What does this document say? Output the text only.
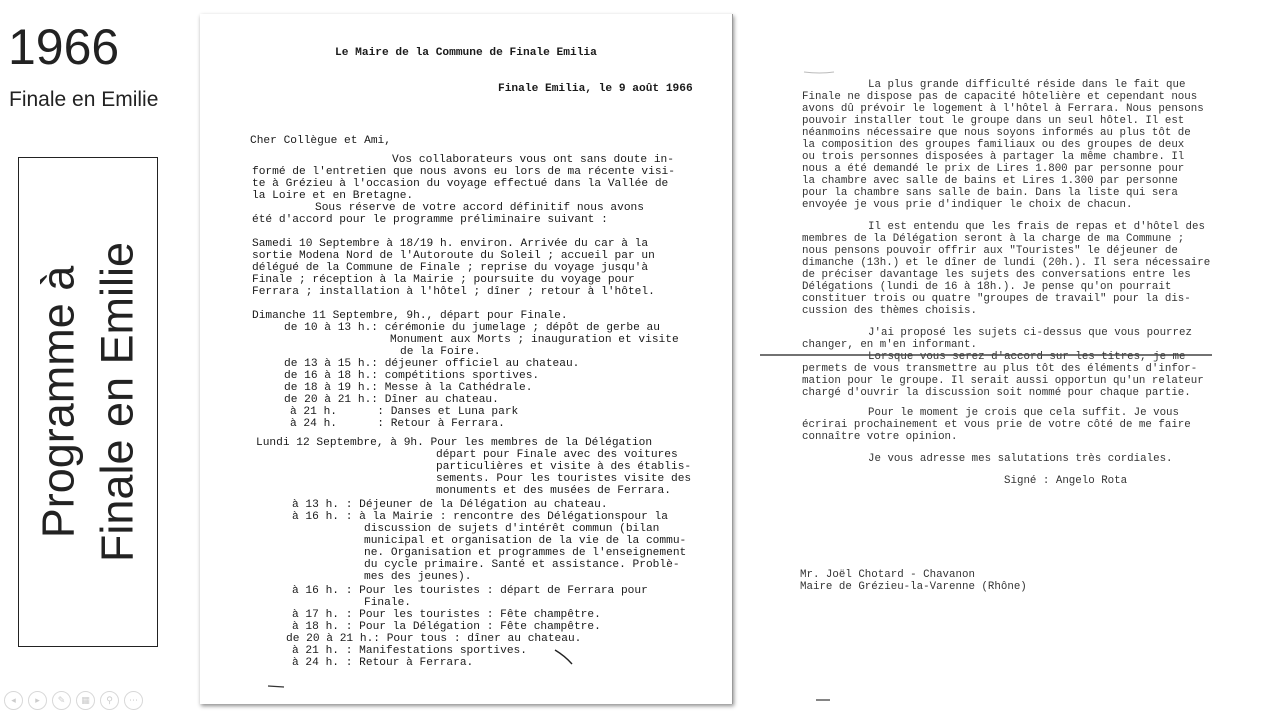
1966
Finale en Emilie
Programme à Finale en Emilie
Le Maire de la Commune de Finale Emilia
Finale Emilia, le 9 août 1966
Cher Collègue et Ami,
Vos collaborateurs vous ont sans doute in-
formé de l'entretien que nous avons eu lors de ma récente visi-
te à Grézieu à l'occasion du voyage effectué dans la Vallée de
la Loire et en Bretagne.
Sous réserve de votre accord définitif nous avons
été d'accord pour le programme préliminaire suivant :
Samedi 10 Septembre à 18/19 h. environ. Arrivée du car à la
sortie Modena Nord de l'Autoroute du Soleil ; accueil par un
délégué de la Commune de Finale ; reprise du voyage jusqu'à
Finale ; réception à la Mairie ; poursuite du voyage pour
Ferrara ; installation à l'hôtel ; dîner ; retour à l'hôtel.
Dimanche 11 Septembre, 9h., départ pour Finale.
de 10 à 13 h.: cérémonie du jumelage ; dépôt de gerbe au
Monument aux Morts ; inauguration et visite
de la Foire.
de 13 à 15 h.: déjeuner officiel au chateau.
de 16 à 18 h.: compétitions sportives.
de 18 à 19 h.: Messe à la Cathédrale.
de 20 à 21 h.: Dîner au chateau.
à 21 h.      : Danses et Luna park
à 24 h.      : Retour à Ferrara.
Lundi 12 Septembre, à 9h. Pour les membres de la Délégation
départ pour Finale avec des voitures
particulières et visite à des établis-
sements. Pour les touristes visite des
monuments et des musées de Ferrara.
à 13 h. : Déjeuner de la Délégation au chateau.
à 16 h. : à la Mairie : rencontre des Délégationspour la
discussion de sujets d'intérêt commun (bilan
municipal et organisation de la vie de la commu-
ne. Organisation et programmes de l'enseignement
du cycle primaire. Santé et assistance. Problè-
mes des jeunes).
à 16 h. : Pour les touristes : départ de Ferrara pour
Finale.
à 17 h. : Pour les touristes : Fête champêtre.
à 18 h. : Pour la Délégation : Fête champêtre.
de 20 à 21 h.: Pour tous : dîner au chateau.
à 21 h. : Manifestations sportives.
à 24 h. : Retour à Ferrara.
La plus grande difficulté réside dans le fait que
Finale ne dispose pas de capacité hôtelière et cependant nous
avons dû prévoir le logement à l'hôtel à Ferrara. Nous pensons
pouvoir installer tout le groupe dans un seul hôtel. Il est
néanmoins nécessaire que nous soyons informés au plus tôt de
la composition des groupes familiaux ou des groupes de deux
ou trois personnes disposées à partager la même chambre. Il
nous a été demandé le prix de Lires 1.800 par personne pour
la chambre avec salle de bains et Lires 1.300 par personne
pour la chambre sans salle de bain. Dans la liste qui sera
envoyée je vous prie d'indiquer le choix de chacun.
Il est entendu que les frais de repas et d'hôtel des
membres de la Délégation seront à la charge de ma Commune ;
nous pensons pouvoir offrir aux "Touristes" le déjeuner de
dimanche (13h.) et le dîner de lundi (20h.). Il sera nécessaire
de préciser davantage les sujets des conversations entre les
Délégations (lundi de 16 à 18h.). Je pense qu'on pourrait
constituer trois ou quatre "groupes de travail" pour la dis-
cussion des thèmes choisis.
J'ai proposé les sujets ci-dessus que vous pourrez
changer, en m'en informant.
Lorsque vous serez d'accord sur les titres, je me
permets de vous transmettre au plus tôt des éléments d'infor-
mation pour le groupe. Il serait aussi opportun qu'un relateur
chargé d'ouvrir la discussion soit nommé pour chaque partie.
Pour le moment je crois que cela suffit. Je vous
écrirai prochainement et vous prie de votre côté de me faire
connaître votre opinion.
Je vous adresse mes salutations très cordiales.
Signé : Angelo Rota
Mr. Joël Chotard - Chavanon
Maire de Grézieu-la-Varenne (Rhône)
◂	▸	✎	▦	⚲	⋯
